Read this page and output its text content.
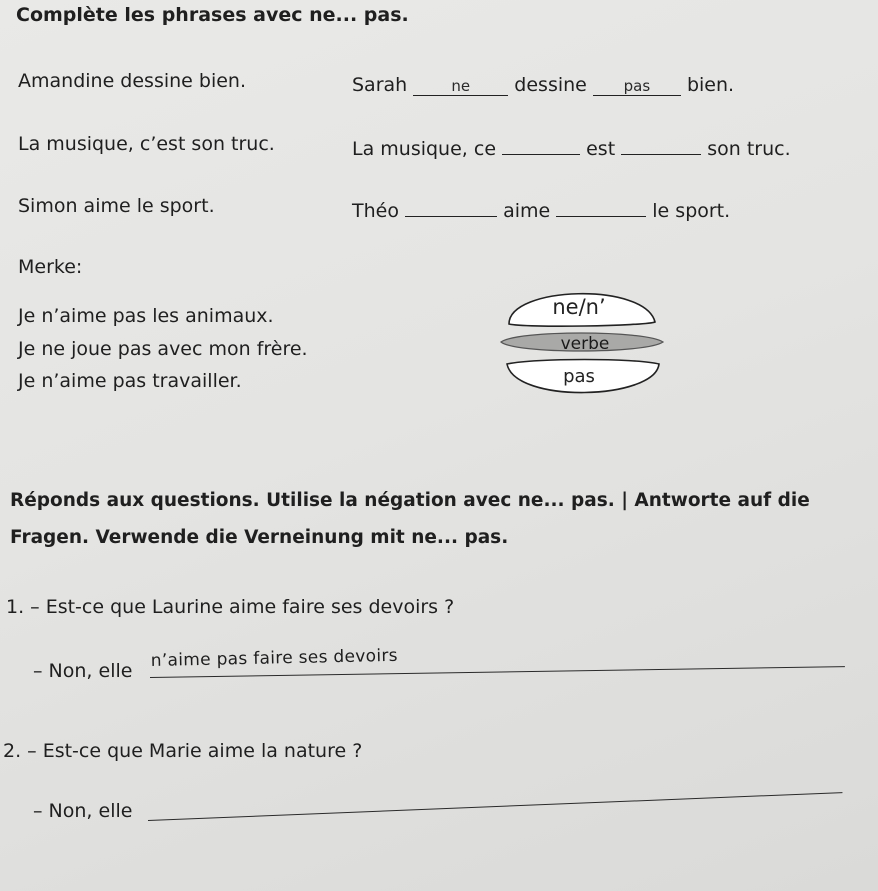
Complète les phrases avec ne... pas.
Amandine dessine bien.	Sarah	ne dessine pas bien.
La musique, c’est son truc.	La musique, ce	est	son truc.
Simon aime le sport.	Théo	aime	le sport.
Merke:
Je n’aime pas les animaux.
Je ne joue pas avec mon frère.
Je n’aime pas travailler.
ne/n’
verbe
pas
Réponds aux questions. Utilise la négation avec ne... pas. | Antworte auf die
Fragen. Verwende die Verneinung mit ne... pas.
1. – Est-ce que Laurine aime faire ses devoirs ?
– Non, elle n’aime pas faire ses devoirs
2. – Est-ce que Marie aime la nature ?
– Non, elle
